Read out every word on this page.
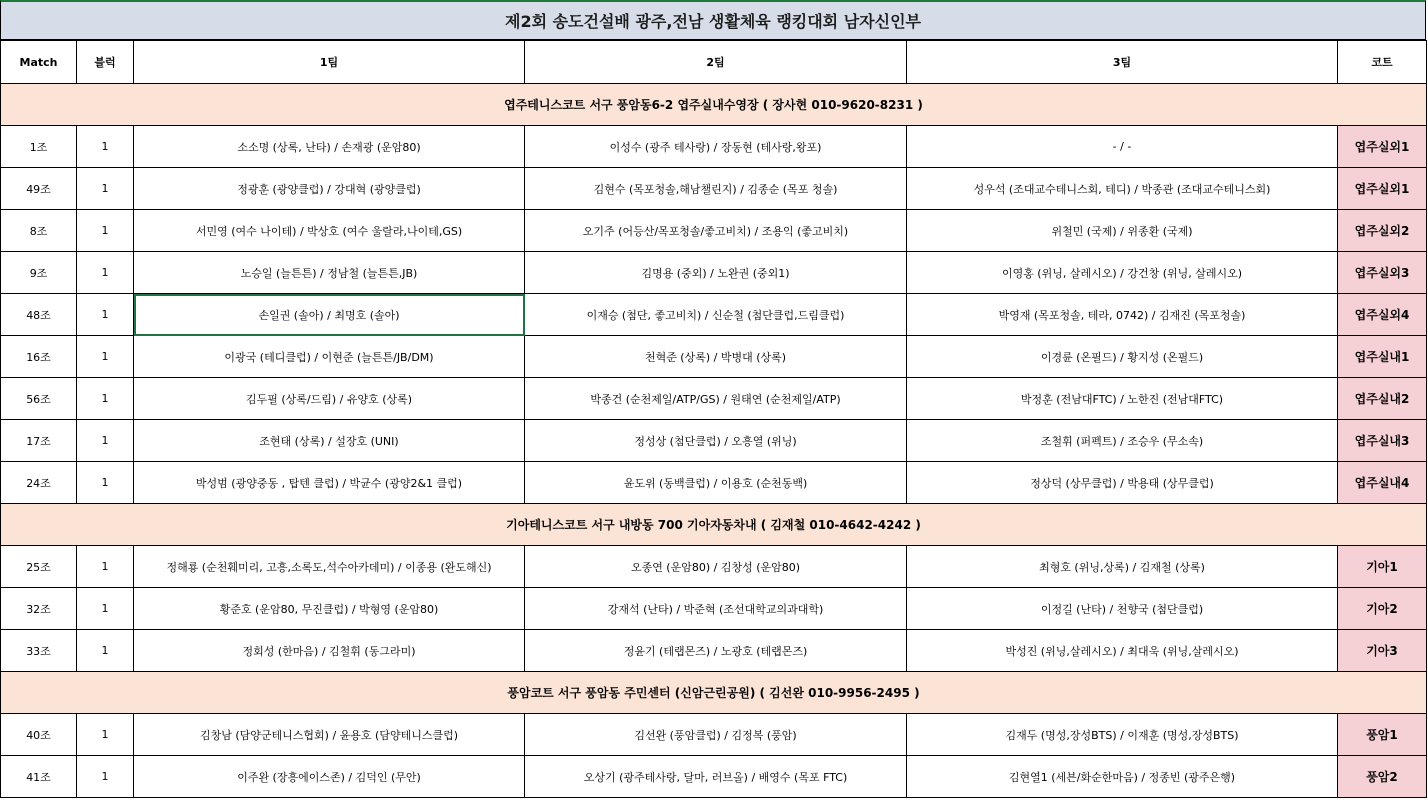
제2회 송도건설배 광주,전남 생활체육 랭킹대회 남자신인부
Match	블럭	1팀	2팀	3팀	코트
엽주테니스코트 서구 풍암동6-2 엽주실내수영장 ( 장사현 010-9620-8231 )					
1조	1	소소명 (상록, 난타) / 손재광 (운암80)	이성수 (광주 테사랑) / 장동현 (테사랑,왕포)	- / -	엽주실외1
49조	1	정광훈 (광양클럽) / 강대혁 (광양클럽)	김현수 (목포청솔,해남챌린지) / 김종순 (목포 청솔)	성우석 (조대교수테니스회, 테디) / 박종관 (조대교수테니스회)	엽주실외1
8조	1	서민영 (여수 나이테) / 박상호 (여수 울랄라,나이테,GS)	오기주 (어등산/목포청솔/좋고비치) / 조용익 (좋고비치)	위철민 (국제) / 위종환 (국제)	엽주실외2
9조	1	노승일 (늘튼튼) / 정남철 (늘튼튼,JB)	김명용 (중외) / 노완권 (중외1)	이영홍 (위닝, 살레시오) / 강건창 (위닝, 살레시오)	엽주실외3
48조	1	손일권 (솔아) / 최명호 (솔아)	이재승 (첨단, 좋고비치) / 신순철 (첨단클럽,드림클럽)	박영재 (목포청솔, 테라, 0742) / 김재진 (목포청솔)	엽주실외4
16조	1	이광국 (테디클럽) / 이현준 (늘튼튼/JB/DM)	천혁준 (상록) / 박병대 (상록)	이경륜 (온필드) / 황지성 (온필드)	엽주실내1
56조	1	김두필 (상록/드림) / 유양호 (상록)	박종건 (순천제일/ATP/GS) / 원태연 (순천제일/ATP)	박정훈 (전남대FTC) / 노한진 (전남대FTC)	엽주실내2
17조	1	조현태 (상록) / 설장호 (UNI)	정성상 (첨단클럽) / 오흥열 (위닝)	조철휘 (퍼펙트) / 조승우 (무소속)	엽주실내3
24조	1	박성범 (광양중동 , 탑텐 클럽) / 박균수 (광양2&1 클럽)	윤도위 (동백클럽) / 이용호 (순천동백)	정상덕 (상무클럽) / 박용태 (상무클럽)	엽주실내4
기아테니스코트 서구 내방동 700 기아자동차내 ( 김재철 010-4642-4242 )					
25조	1	정해룡 (순천훼미리, 고흥,소록도,석수아카데미) / 이종용 (완도해신)	오종연 (운암80) / 김창성 (운암80)	최형호 (위닝,상록) / 김재철 (상록)	기아1
32조	1	황준호 (운암80, 무진클럽) / 박형영 (운암80)	강재석 (난타) / 박준혁 (조선대학교의과대학)	이정길 (난타) / 천향국 (첨단클럽)	기아2
33조	1	정회성 (한마음) / 김철휘 (동그라미)	정윤기 (테랩몬즈) / 노광호 (테랩몬즈)	박성진 (위닝,살레시오) / 최대욱 (위닝,살레시오)	기아3
풍암코트 서구 풍암동 주민센터 (신암근린공원) ( 김선완 010-9956-2495 )					
40조	1	김창남 (담양군테니스협회) / 윤용호 (담양테니스클럽)	김선완 (풍암클럽) / 김정복 (풍암)	김재두 (명성,장성BTS) / 이재훈 (명성,장성BTS)	풍암1
41조	1	이주완 (장흥에이스존) / 김덕인 (무안)	오상기 (광주테사랑, 달마, 러브올) / 배영수 (목포 FTC)	김현열1 (세븐/화순한마음) / 정종빈 (광주은행)	풍암2
